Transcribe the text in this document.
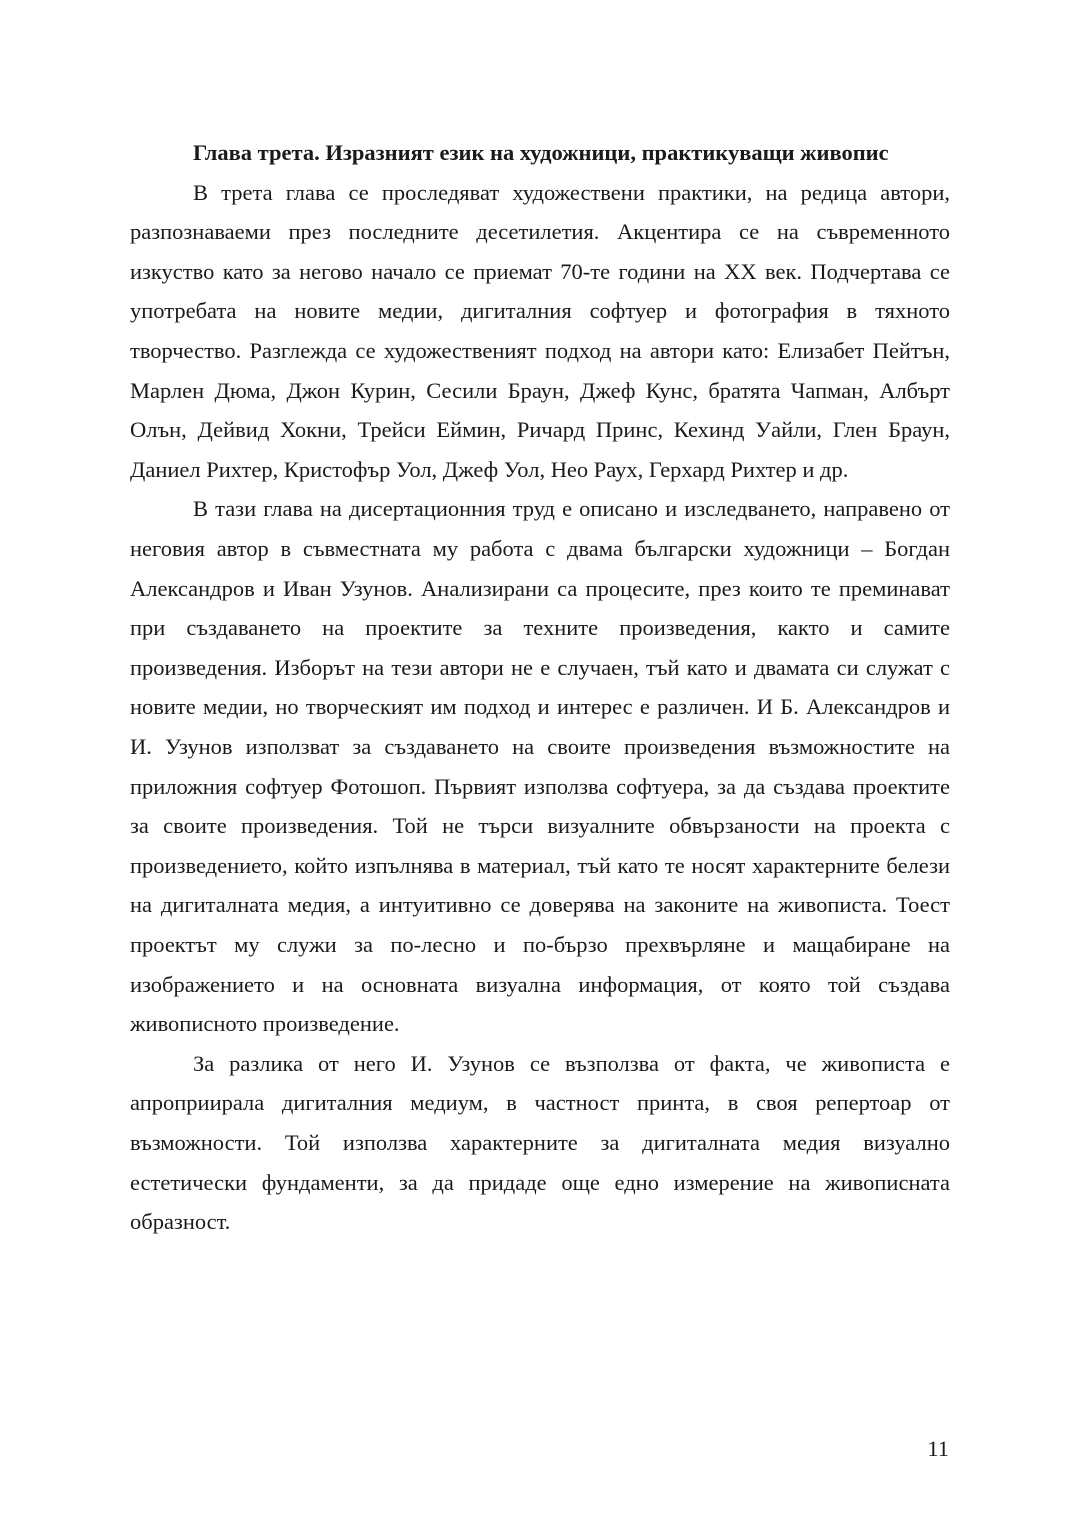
Глава трета. Изразният език на художници, практикуващи живопис

В трета глава се проследяват художествени практики, на редица автори, разпознаваеми през последните десетилетия. Акцентира се на съвременното изкуство като за негово начало се приемат 70-те години на ХХ век. Подчертава се употребата на новите медии, дигиталния софтуер и фотография в тяхното творчество. Разглежда се художественият подход на автори като: Елизабет Пейтън, Марлен Дюма, Джон Курин, Сесили Браун, Джеф Кунс, братята Чапман, Албърт Олън, Дейвид Хокни, Трейси Еймин, Ричард Принс, Кехинд Уайли, Глен Браун, Даниел Рихтер, Кристофър Уол, Джеф Уол, Нео Раух, Герхард Рихтер и др.

В тази глава на дисертационния труд е описано и изследването, направено от неговия автор в съвместната му работа с двама български художници – Богдан Александров и Иван Узунов. Анализирани са процесите, през които те преминават при създаването на проектите за техните произведения, както и самите произведения. Изборът на тези автори не е случаен, тъй като и двамата си служат с новите медии, но творческият им подход и интерес е различен. И Б. Александров и И. Узунов използват за създаването на своите произведения възможностите на приложния софтуер Фотошоп. Първият използва софтуера, за да създава проектите за своите произведения. Той не търси визуалните обвързаности на проекта с произведението, който изпълнява в материал, тъй като те носят характерните белези на дигиталната медия, а интуитивно се доверява на законите на живописта. Тоест проектът му служи за по-лесно и по-бързо прехвърляне и мащабиране на изображението и на основната визуална информация, от която той създава живописното произведение.

За разлика от него И. Узунов се възползва от факта, че живописта е апроприирала дигиталния медиум, в частност принта, в своя репертоар от възможности. Той използва характерните за дигиталната медия визуално естетически фундаменти, за да придаде още едно измерение на живописната образност.

11
